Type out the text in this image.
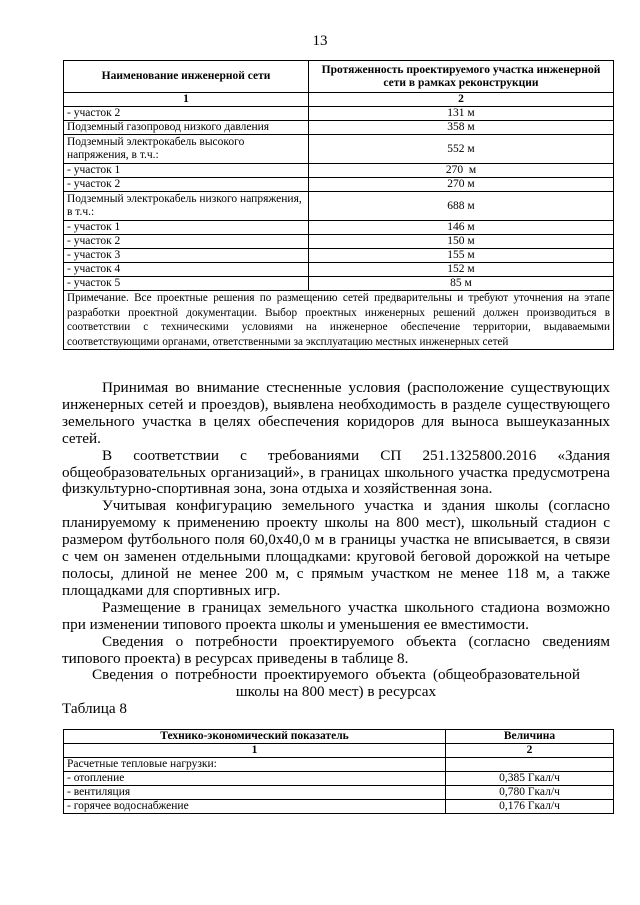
13
Наименование инженерной сети	Протяженность проектируемого участка инженерной сети в рамках реконструкции
1	2
- участок 2	131 м
Подземный газопровод низкого давления	358 м
Подземный электрокабель высокого напряжения, в т.ч.:	552 м
- участок 1	270  м
- участок 2	270 м
Подземный электрокабель низкого напряжения, в т.ч.:	688 м
- участок 1	146 м
- участок 2	150 м
- участок 3	155 м
- участок 4	152 м
- участок 5	85 м
Примечание. Все проектные решения по размещению сетей предварительны и требуют уточнения на этапе разработки проектной документации. Выбор проектных инженерных решений должен производиться в соответствии с техническими условиями на инженерное обеспечение территории, выдаваемыми соответствующими органами, ответственными за эксплуатацию местных инженерных сетей	

Принимая во внимание стесненные условия (расположение существующих инженерных сетей и проездов), выявлена необходимость в разделе существующего земельного участка в целях обеспечения коридоров для выноса вышеуказанных сетей.

В соответствии с требованиями СП 251.1325800.2016 «Здания общеобразовательных организаций», в границах школьного участка предусмотрена физкультурно-спортивная зона, зона отдыха и хозяйственная зона.

Учитывая конфигурацию земельного участка и здания школы (согласно планируемому к применению проекту школы на 800 мест), школьный стадион с размером футбольного поля 60,0х40,0 м в границы участка не вписывается, в связи с чем он заменен отдельными площадками: круговой беговой дорожкой на четыре полосы, длиной не менее 200 м, с прямым участком не менее 118 м, а также площадками для спортивных игр.

Размещение в границах земельного участка школьного стадиона возможно при изменении типового проекта школы и уменьшения ее вместимости.

Сведения о потребности проектируемого объекта (согласно сведениям типового проекта) в ресурсах приведены в таблице 8.

Сведения о потребности проектируемого объекта (общеобразовательной школы на 800 мест) в ресурсах

Таблица 8

Технико-экономический показатель	Величина
1	2
Расчетные тепловые нагрузки:	
- отопление	0,385 Гкал/ч
- вентиляция	0,780 Гкал/ч
- горячее водоснабжение	0,176 Гкал/ч
